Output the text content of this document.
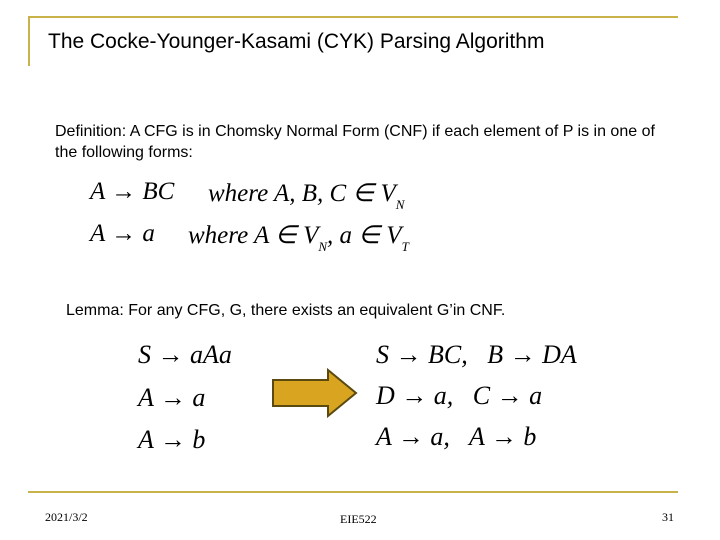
The Cocke-Younger-Kasami (CYK) Parsing Algorithm
Definition: A CFG is in Chomsky Normal Form (CNF) if each element of P is in one of the following forms:
A → BC where A, B, C ∈ $V_N$
A → a where A ∈ $V_N$, a ∈ $V_T$
Lemma: For any CFG, G, there exists an equivalent G’in CNF.
S → aAa
A → a
A → b
S → BC,   B → DA
D → a,   C → a
A → a,   A → b
2021/3/2	EIE522	31
